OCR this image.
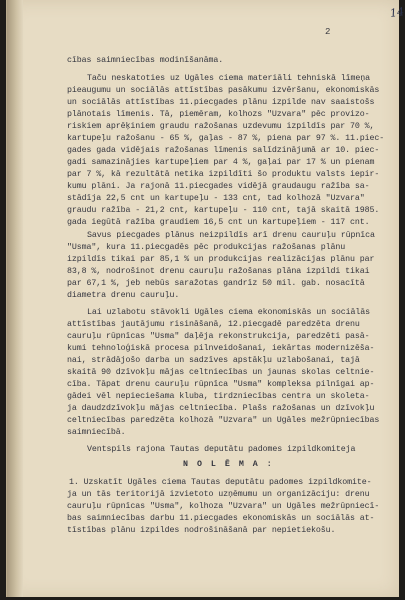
14
2
cības saimniecības modinīšanāma.
Taču neskatoties uz Ugāles ciema materiāli tehniskā līmeņa
pieaugumu un sociālās attīstības pasākumu izvēršanu, ekonomiskās
un sociālās attīstības 11.piecgades plānu izpilde nav saaistošs
plānotais līmenis. Tā, piemēram, kolhozs "Uzvara" pēc provizo-
riskiem aprēķiniem graudu ražošanas uzdevumu izpildīs par 70 %,
kartupeļu ražošanu - 65 %, gaļas - 87 %, piena par 97 %. 11.piec-
gades gada vidējais ražošanas līmenis salīdzinājumā ar 10. piec-
gadi samazinājies kartupeļiem par 4 %, gaļai par 17 % un pienam
par 7 %, kā rezultātā netika izpildīti šo produktu valsts iepir-
kumu plāni. Ja rajonā 11.piecgades vidējā graudaugu ražība sa-
stādīja 22,5 cnt un kartupeļu - 133 cnt, tad kolhozā "Uzvara"
graudu ražība - 21,2 cnt, kartupeļu - 110 cnt, tajā skaitā 1985.
gada iegūtā ražība graudiem 16,5 cnt un kartupeļiem - 117 cnt.
Savus piecgades plānus neizpildīs arī drenu cauruļu rūpnīca
"Usma", kura 11.piecgadēs pēc produkcijas ražošanas plānu
izpildīs tikai par 85,1 % un produkcijas realizācijas plānu par
83,8 %, nodrošinot drenu cauruļu ražošanas plāna izpildi tikai
par 67,1 %, jeb nebūs saražotas gandrīz 50 mil. gab. nosacītā
diametra drenu cauruļu.
Lai uzlabotu stāvokli Ugāles ciema ekonomiskās un sociālās
attīstības jautājumu risināšanā, 12.piecgadē paredzēta drenu
cauruļu rūpnīcas "Usma" daļēja rekonstrukcija, paredzēti pasā-
kumi tehnoloģiskā procesa pilnveidošanai, iekārtas modernizēša-
nai, strādājošo darba un sadzīves apstākļu uzlabošanai, tajā
skaitā 90 dzīvokļu mājas celtniecības un jaunas skolas celtnie-
cība. Tāpat drenu cauruļu rūpnīca "Usma" kompleksa pilnīgai ap-
gādei vēl nepieciešama kluba, tirdzniecības centra un skoleta-
ja daudzdzīvokļu mājas celtniecība. Plašs ražošanas un dzīvokļu
celtniecības paredzēta kolhozā "Uzvara" un Ugāles mežrūpniecības
saimniecībā.
Ventspils rajona Tautas deputātu padomes izpildkomiteja
N O L Ē M A :
1. Uzskatīt Ugāles ciema Tautas deputātu padomes izpildkomite-
ja un tās teritorijā izvietoto uzņēmumu un organizāciju: drenu
cauruļu rūpnīcas "Usma", kolhoza "Uzvara" un Ugāles mežrūpniecī-
bas saimniecības darbu 11.piecgades ekonomiskās un sociālās at-
tīstības plānu izpildes nodrošināšanā par nepietiekošu.
